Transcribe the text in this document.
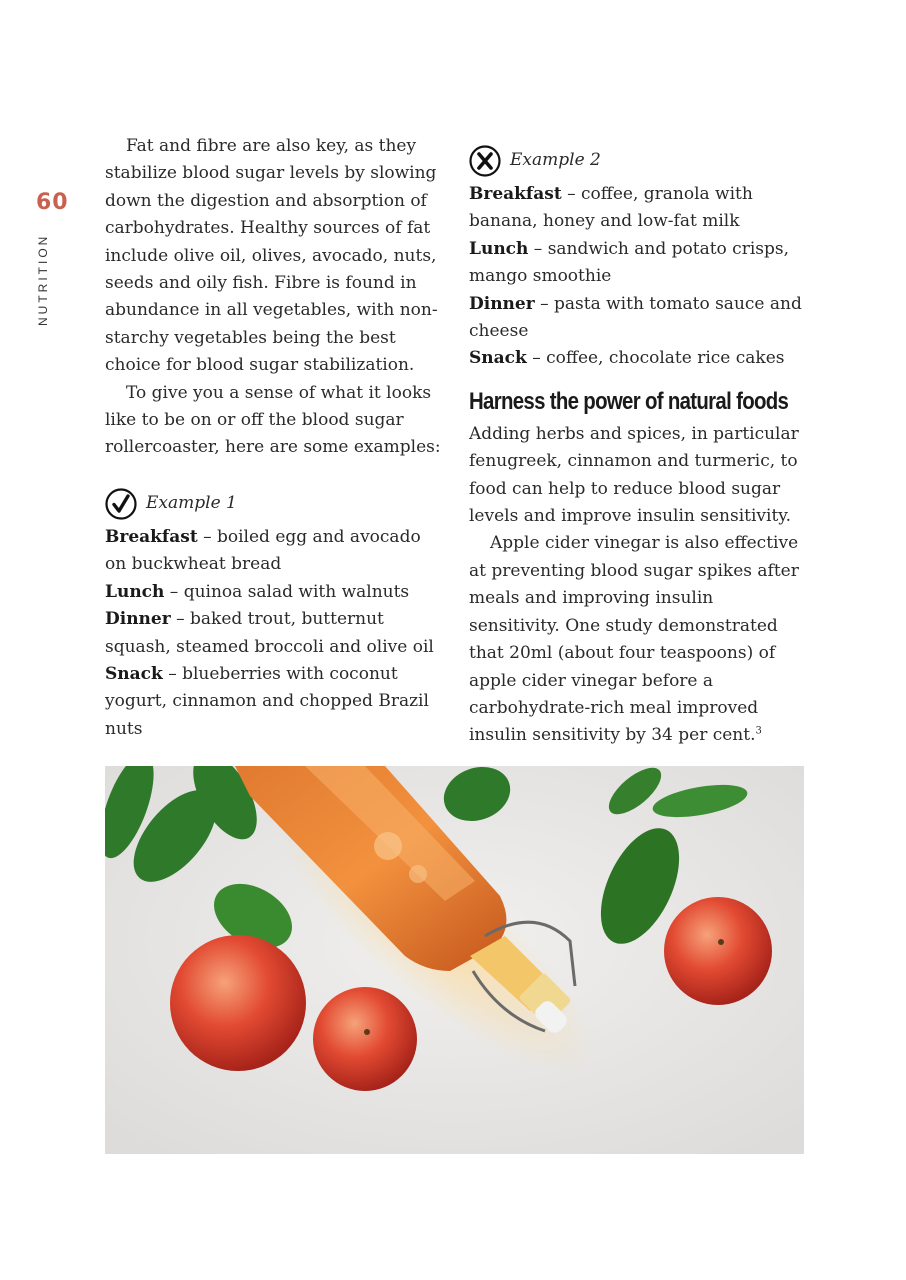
60
NUTRITION

Fat and fibre are also key, as they stabilize blood sugar levels by slowing down the digestion and absorption of carbohydrates. Healthy sources of fat include olive oil, olives, avocado, nuts, seeds and oily fish. Fibre is found in abundance in all vegetables, with non-starchy vegetables being the best choice for blood sugar stabilization.

To give you a sense of what it looks like to be on or off the blood sugar rollercoaster, here are some examples:

Example 1

Breakfast – boiled egg and avocado on buckwheat bread

Lunch – quinoa salad with walnuts

Dinner – baked trout, butternut squash, steamed broccoli and olive oil

Snack – blueberries with coconut yogurt, cinnamon and chopped Brazil nuts

Example 2

Breakfast – coffee, granola with banana, honey and low-fat milk

Lunch – sandwich and potato crisps, mango smoothie

Dinner – pasta with tomato sauce and cheese

Snack – coffee, chocolate rice cakes

Harness the power of natural foods

Adding herbs and spices, in particular fenugreek, cinnamon and turmeric, to food can help to reduce blood sugar levels and improve insulin sensitivity.

Apple cider vinegar is also effective at preventing blood sugar spikes after meals and improving insulin sensitivity. One study demonstrated that 20ml (about four teaspoons) of apple cider vinegar before a carbohydrate-rich meal improved insulin sensitivity by 34 per cent.$^3$
